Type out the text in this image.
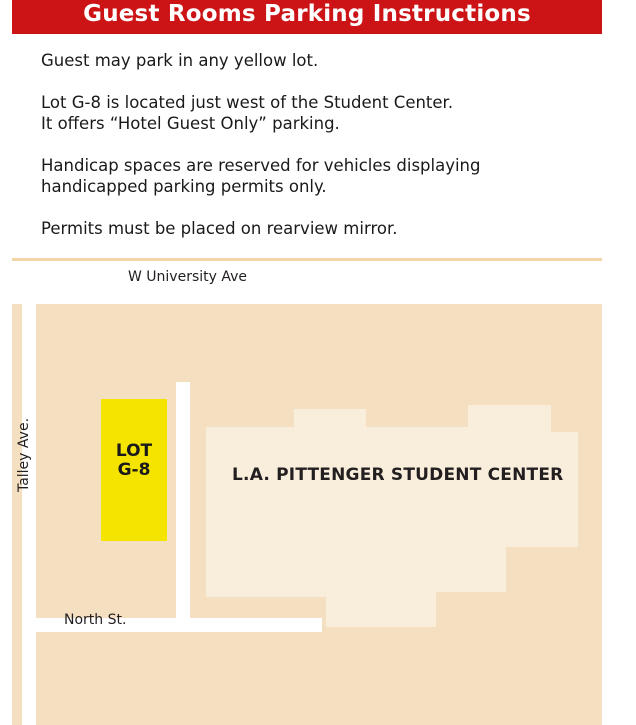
Guest Rooms Parking Instructions

Guest may park in any yellow lot.

Lot G-8 is located just west of the Student Center.
It offers “Hotel Guest Only” parking.

Handicap spaces are reserved for vehicles displaying
handicapped parking permits only.

Permits must be placed on rearview mirror.

L.A. PITTENGER STUDENT CENTER
LOT
G-8
W University Ave
North St.
Talley Ave.
